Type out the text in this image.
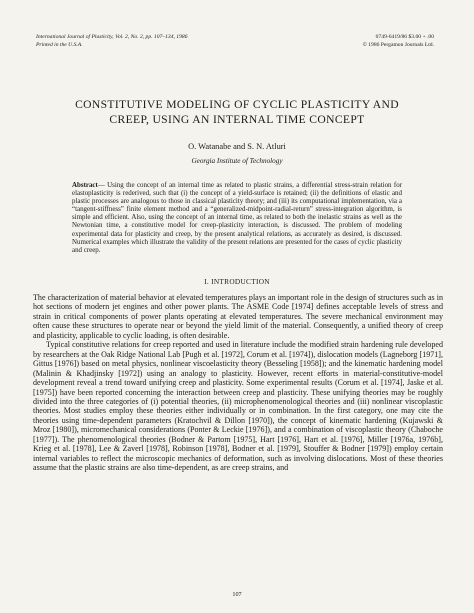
International Journal of Plasticity, Vol. 2, No. 2, pp. 107–134, 1986
Printed in the U.S.A.
0749-6419/86 $3.00 + .00
© 1986 Pergamon Journals Ltd.
CONSTITUTIVE MODELING OF CYCLIC PLASTICITY AND
CREEP, USING AN INTERNAL TIME CONCEPT
O. Watanabe and S. N. Atluri
Georgia Institute of Technology
Abstract— Using the concept of an internal time as related to plastic strains, a differential stress-strain relation for elastoplasticity is rederived, such that (i) the concept of a yield-surface is retained; (ii) the definitions of elastic and plastic processes are analogous to those in classical plasticity theory; and (iii) its computational implementation, via a “tangent-stiffness” finite element method and a “generalized-midpoint-radial-return” stress-integration algorithm, is simple and efficient. Also, using the concept of an internal time, as related to both the inelastic strains as well as the Newtonian time, a constitutive model for creep-plasticity interaction, is discussed. The problem of modeling experimental data for plasticity and creep, by the present analytical relations, as accurately as desired, is discussed. Numerical examples which illustrate the validity of the present relations are presented for the cases of cyclic plasticity and creep.
I. INTRODUCTION

The characterization of material behavior at elevated temperatures plays an important role in the design of structures such as in hot sections of modern jet engines and other power plants. The ASME Code [1974] defines acceptable levels of stress and strain in critical components of power plants operating at elevated temperatures. The severe mechanical environment may often cause these structures to operate near or beyond the yield limit of the material. Consequently, a unified theory of creep and plasticity, applicable to cyclic loading, is often desirable.

Typical constitutive relations for creep reported and used in literature include the modified strain hardening rule developed by researchers at the Oak Ridge National Lab [Pugh et al. [1972], Corum et al. [1974]), dislocation models (Lagneborg [1971], Gittus [1976]) based on metal physics, nonlinear viscoelasticity theory (Besseling [1958]); and the kinematic hardening model (Malinin & Khadjinsky [1972]) using an analogy to plasticity. However, recent efforts in material-constitutive-model development reveal a trend toward unifying creep and plasticity. Some experimental results (Corum et al. [1974], Jaske et al. [1975]) have been reported concerning the interaction between creep and plasticity. These unifying theories may be roughly divided into the three categories of (i) potential theories, (ii) microphenomenological theories and (iii) nonlinear viscoplastic theories. Most studies employ these theories either individually or in combination. In the first category, one may cite the theories using time-dependent parameters (Kratochvil & Dillon [1970]), the concept of kinematic hardening (Kujawski & Mroz [1980]), micromechanical considerations (Ponter & Leckie [1976]), and a combination of viscoplastic theory (Chaboche [1977]). The phenomenological theories (Bodner & Partom [1975], Hart [1976], Hart et al. [1976], Miller [1976a, 1976b], Krieg et al. [1978], Lee & Zaverl [1978], Robinson [1978], Bodner et al. [1979], Stouffer & Bodner [1979]) employ certain internal variables to reflect the microscopic mechanics of deformation, such as involving dislocations. Most of these theories assume that the plastic strains are also time-dependent, as are creep strains, and

107
